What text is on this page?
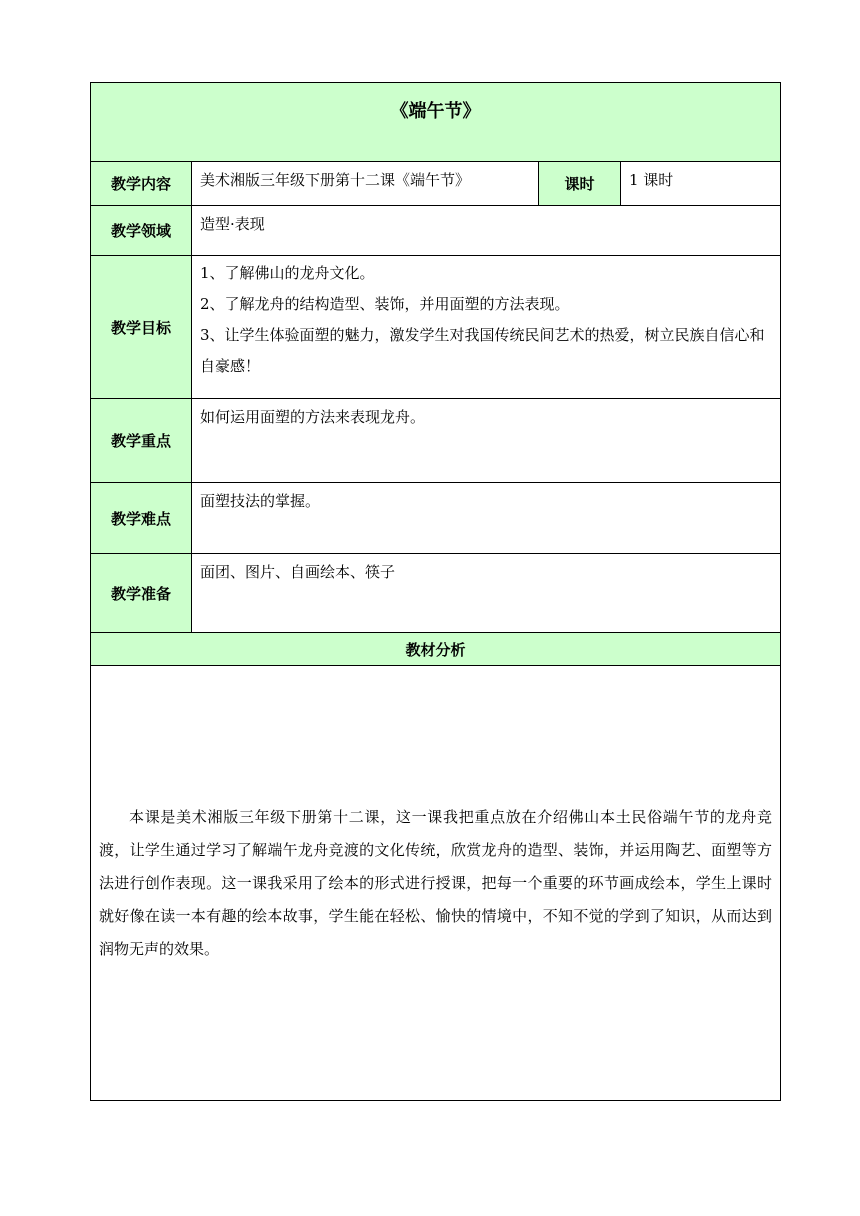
《端午节》			
教学内容	美术湘版三年级下册第十二课《端午节》	课时	1 课时
教学领域	造型·表现		
教学目标	1、了解佛山的龙舟文化。
2、了解龙舟的结构造型、装饰，并用面塑的方法表现。
3、让学生体验面塑的魅力，激发学生对我国传统民间艺术的热爱，树立民族自信心和自豪感！		

教学重点	如何运用面塑的方法来表现龙舟。		
教学难点	面塑技法的掌握。		
教学准备	面团、图片、自画绘本、筷子		
教材分析			

本课是美术湘版三年级下册第十二课，这一课我把重点放在介绍佛山本土民俗端午节的龙舟竞渡，让学生通过学习了解端午龙舟竞渡的文化传统，欣赏龙舟的造型、装饰，并运用陶艺、面塑等方法进行创作表现。这一课我采用了绘本的形式进行授课，把每一个重要的环节画成绘本，学生上课时就好像在读一本有趣的绘本故事，学生能在轻松、愉快的情境中，不知不觉的学到了知识，从而达到润物无声的效果。			
